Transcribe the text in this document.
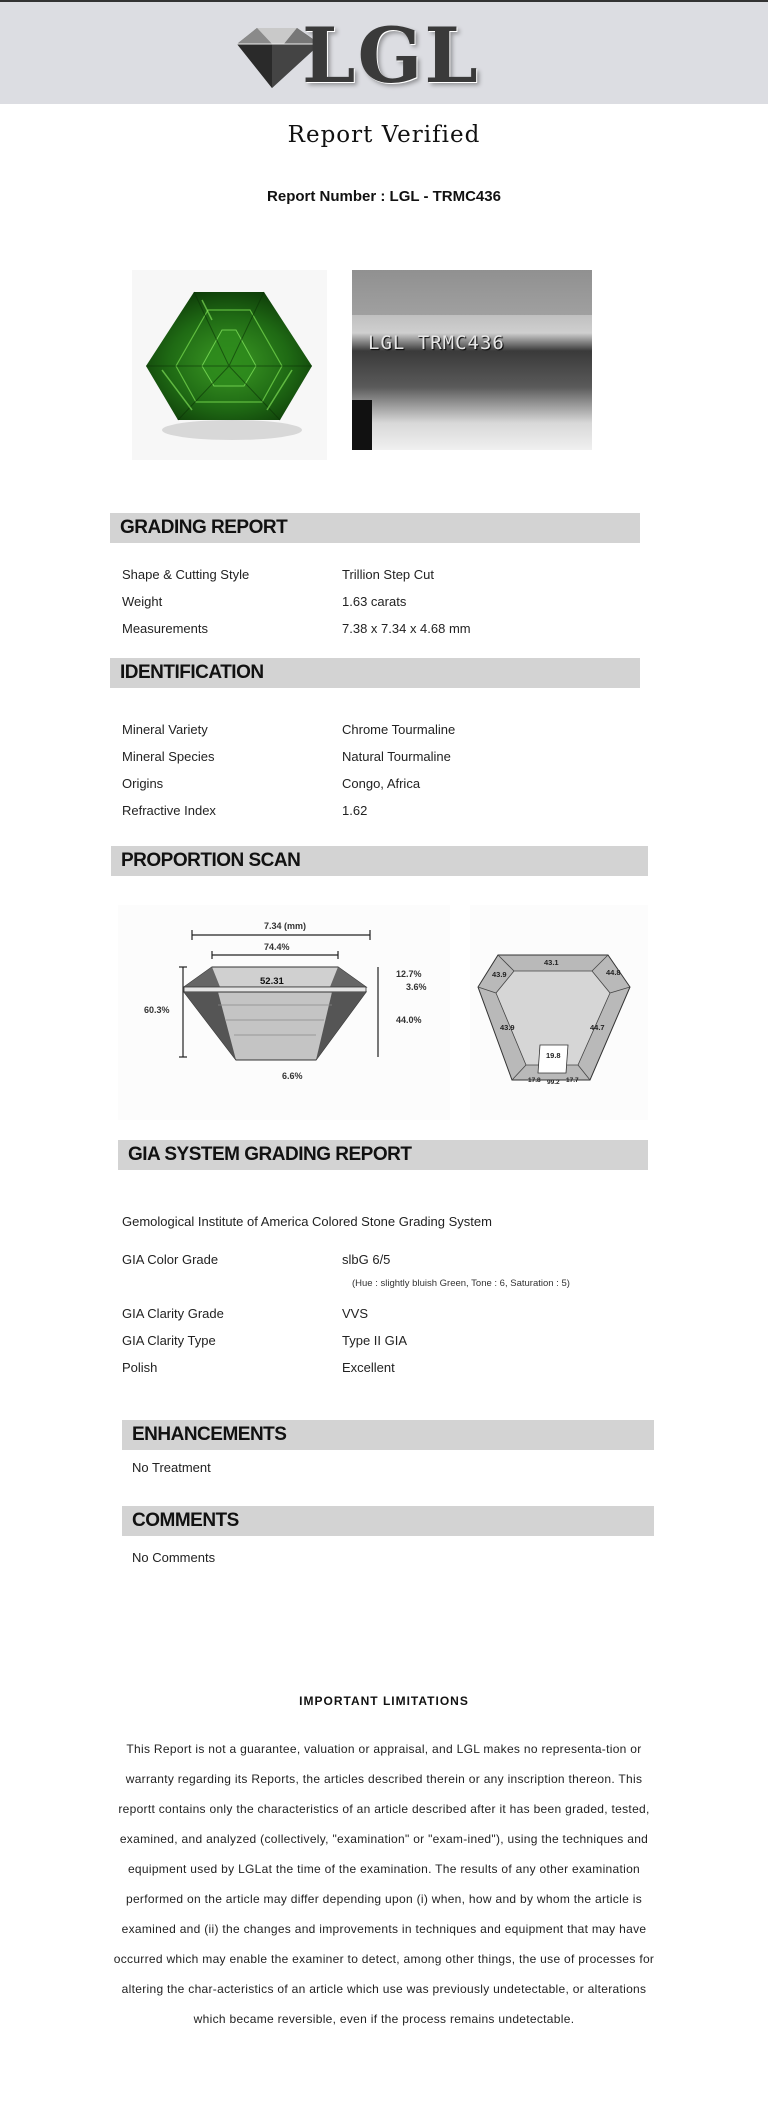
LGL
Report Verified
Report Number : LGL - TRMC436
LGL TRMC436
GRADING REPORT
Shape & Cutting Style	Trillion Step Cut
Weight	1.63 carats
Measurements	7.38 x 7.34 x 4.68 mm
IDENTIFICATION
Mineral Variety	Chrome Tourmaline
Mineral Species	Natural Tourmaline
Origins	Congo, Africa
Refractive Index	1.62
PROPORTION SCAN
7.34 (mm)
74.4%
52.31
60.3%
12.7%
3.6%
44.0%
6.6%
43.1
43.9	44.8
43.9	44.7
19.8
17.8 99.2 17.7
GIA SYSTEM GRADING REPORT
Gemological Institute of America Colored Stone Grading System
GIA Color Grade	slbG 6/5
(Hue : slightly bluish Green, Tone : 6, Saturation : 5)
GIA Clarity Grade	VVS
GIA Clarity Type	Type II GIA
Polish	Excellent
ENHANCEMENTS
No Treatment
COMMENTS
No Comments
IMPORTANT LIMITATIONS
This Report is not a guarantee, valuation or appraisal, and LGL makes no representa-tion or warranty regarding its Reports, the articles described therein or any inscription thereon. This reportt contains only the characteristics of an article described after it has been graded, tested, examined, and analyzed (collectively, "examination" or "exam-ined"), using the techniques and equipment used by LGLat the time of the examination. The results of any other examination performed on the article may differ depending upon (i) when, how and by whom the article is examined and (ii) the changes and improvements in techniques and equipment that may have occurred which may enable the examiner to detect, among other things, the use of processes for altering the char-acteristics of an article which use was previously undetectable, or alterations which became reversible, even if the process remains undetectable.
